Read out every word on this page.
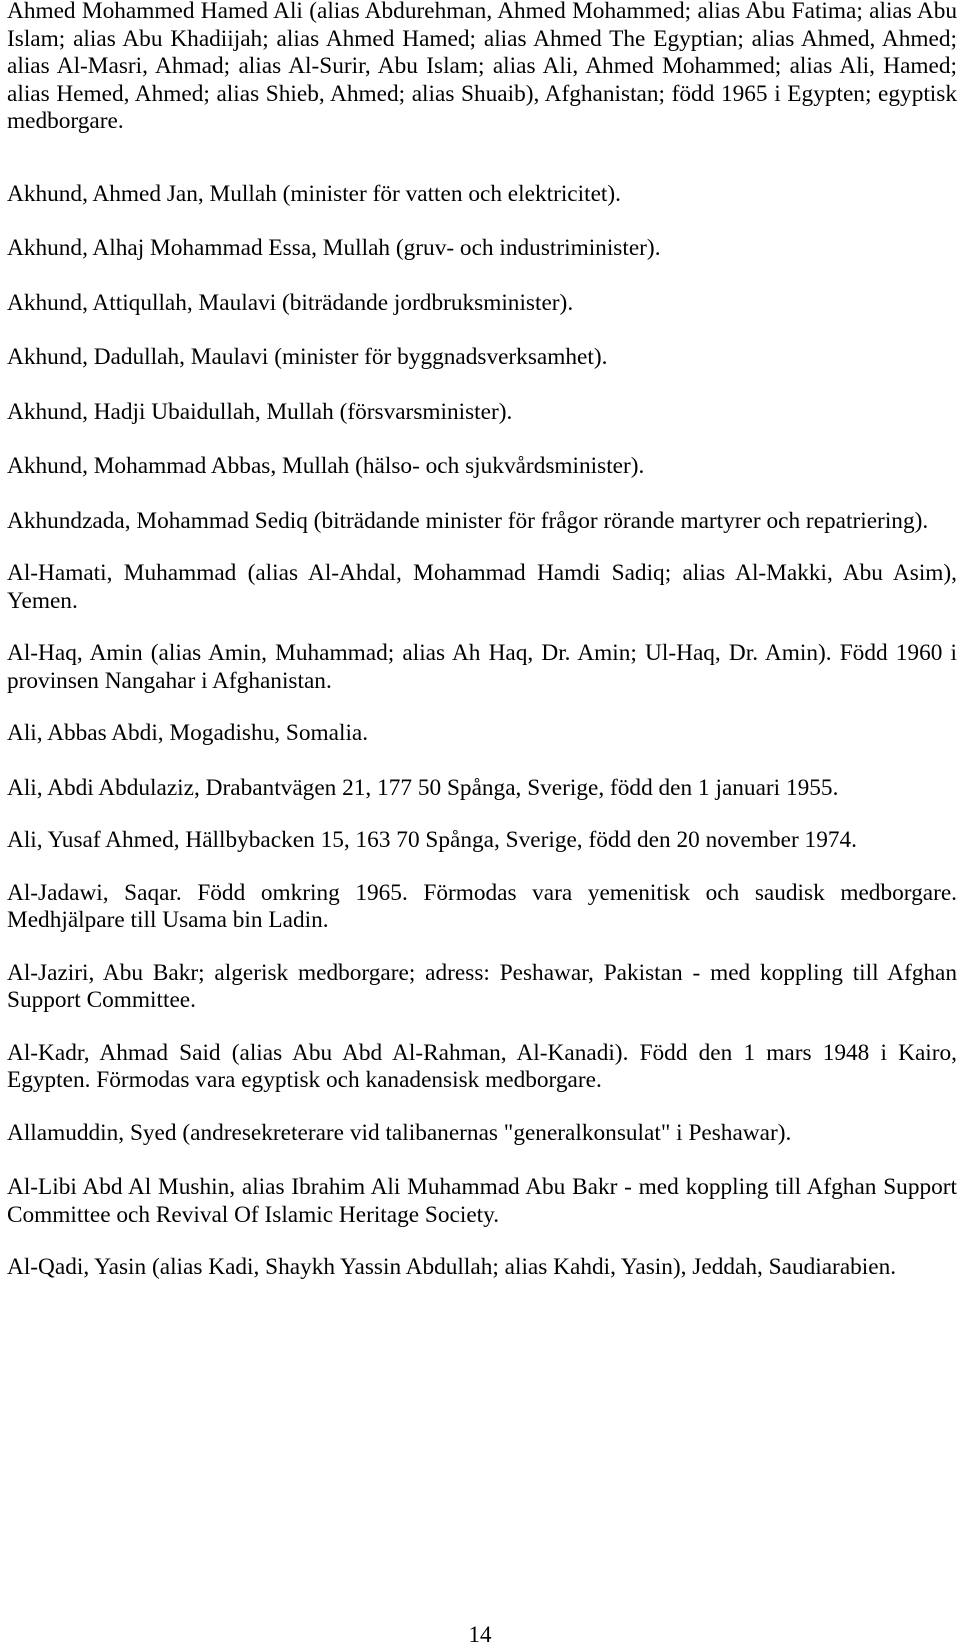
Ahmed Mohammed Hamed Ali (alias Abdurehman, Ahmed Mohammed; alias Abu Fatima; alias Abu Islam; alias Abu Khadiijah; alias Ahmed Hamed; alias Ahmed The Egyptian; alias Ahmed, Ahmed; alias Al-Masri, Ahmad; alias Al-Surir, Abu Islam; alias Ali, Ahmed Mohammed; alias Ali, Hamed; alias Hemed, Ahmed; alias Shieb, Ahmed; alias Shuaib), Afghanistan; född 1965 i Egypten; egyptisk medborgare.

Akhund, Ahmed Jan, Mullah (minister för vatten och elektricitet).

Akhund, Alhaj Mohammad Essa, Mullah (gruv- och industriminister).

Akhund, Attiqullah, Maulavi (biträdande jordbruksminister).

Akhund, Dadullah, Maulavi (minister för byggnadsverksamhet).

Akhund, Hadji Ubaidullah, Mullah (försvarsminister).

Akhund, Mohammad Abbas, Mullah (hälso- och sjukvårdsminister).

Akhundzada, Mohammad Sediq (biträdande minister för frågor rörande martyrer och repatriering).

Al-Hamati, Muhammad (alias Al-Ahdal, Mohammad Hamdi Sadiq; alias Al-Makki, Abu Asim), Yemen.

Al-Haq, Amin (alias Amin, Muhammad; alias Ah Haq, Dr. Amin; Ul-Haq, Dr. Amin). Född 1960 i provinsen Nangahar i Afghanistan.

Ali, Abbas Abdi, Mogadishu, Somalia.

Ali, Abdi Abdulaziz, Drabantvägen 21, 177 50 Spånga, Sverige, född den 1 januari 1955.

Ali, Yusaf Ahmed, Hällbybacken 15, 163 70 Spånga, Sverige, född den 20 november 1974.

Al-Jadawi, Saqar. Född omkring 1965. Förmodas vara yemenitisk och saudisk medborgare. Medhjälpare till Usama bin Ladin.

Al-Jaziri, Abu Bakr; algerisk medborgare; adress: Peshawar, Pakistan - med koppling till Afghan Support Committee.

Al-Kadr, Ahmad Said (alias Abu Abd Al-Rahman, Al-Kanadi). Född den 1 mars 1948 i Kairo, Egypten. Förmodas vara egyptisk och kanadensisk medborgare.

Allamuddin, Syed (andresekreterare vid talibanernas "generalkonsulat" i Peshawar).

Al-Libi Abd Al Mushin, alias Ibrahim Ali Muhammad Abu Bakr - med koppling till Afghan Support Committee och Revival Of Islamic Heritage Society.

Al-Qadi, Yasin (alias Kadi, Shaykh Yassin Abdullah; alias Kahdi, Yasin), Jeddah, Saudiarabien.

14
